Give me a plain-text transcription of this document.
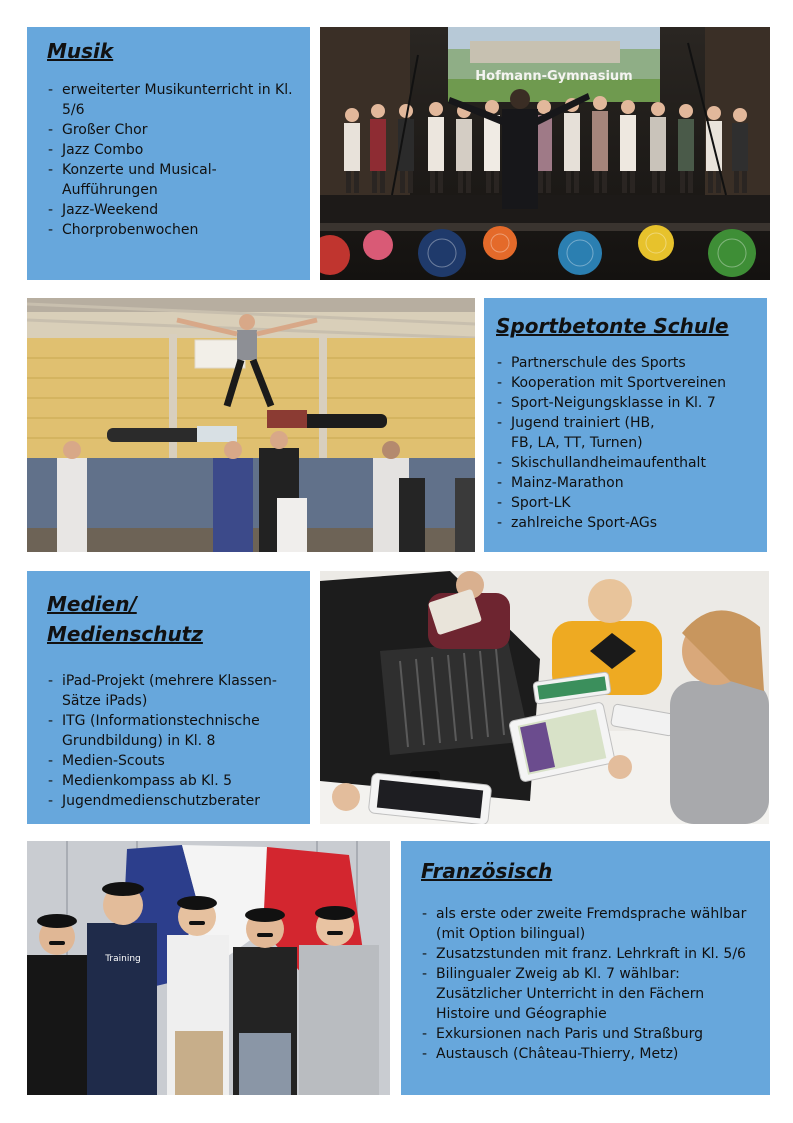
Musik
- erweiterter Musikunterricht in Kl. 5/6
- Großer Chor
- Jazz Combo
- Konzerte und Musical-Aufführungen
- Jazz-Weekend
- Chorprobenwochen
Hofmann-Gymnasium
Sportbetonte Schule
- Partnerschule des Sports
- Kooperation mit Sportvereinen
- Sport-Neigungsklasse in Kl. 7
- Jugend trainiert (HB, FB, LA, TT, Turnen)
- Skischullandheimaufenthalt
- Mainz-Marathon
- Sport-LK
- zahlreiche Sport-AGs
Medien/ Medienschutz
- iPad-Projekt (mehrere Klassen-Sätze iPads)
- ITG (Informationstechnische Grundbildung) in Kl. 8
- Medien-Scouts
- Medienkompass ab Kl. 5
- Jugendmedienschutzberater
Training
Französisch
- als erste oder zweite Fremdsprache wählbar (mit Option bilingual)
- Zusatzstunden mit franz. Lehrkraft in Kl. 5/6
- Bilingualer Zweig ab Kl. 7 wählbar: Zusätzlicher Unterricht in den Fächern Histoire und Géographie
- Exkursionen nach Paris und Straßburg
- Austausch (Château-Thierry, Metz)
